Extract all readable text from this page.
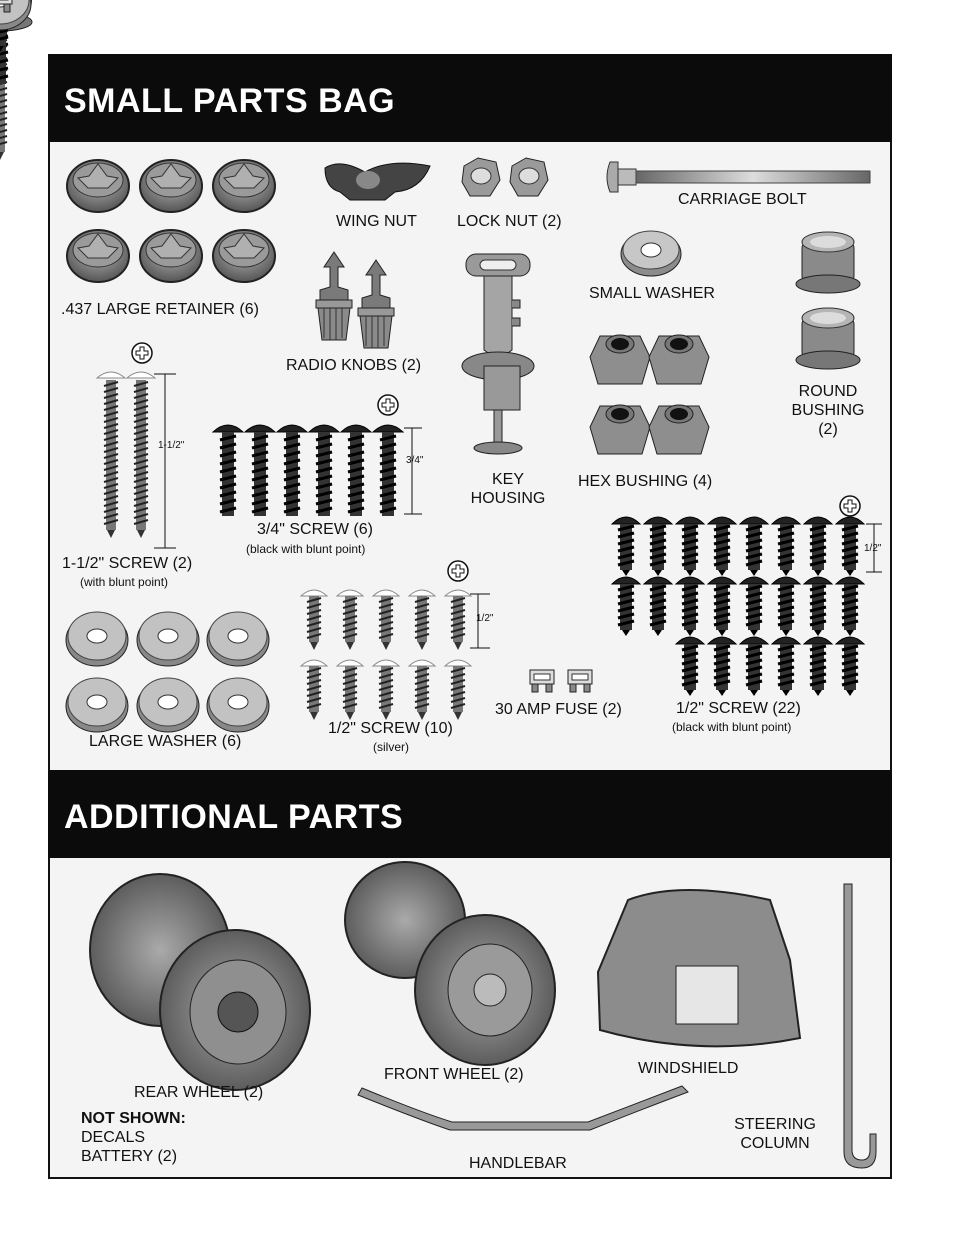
SMALL PARTS BAG
ADDITIONAL PARTS
.437 LARGE RETAINER (6)
WING NUT	LOCK NUT (2)
CARRIAGE BOLT
SMALL WASHER
RADIO KNOBS (2)
ROUND
BUSHING
(2)
KEY
HOUSING
HEX BUSHING (4)
1-1/2" SCREW (2)
(with blunt point)
3/4" SCREW (6)
(black with blunt point)
LARGE WASHER (6)
1/2" SCREW (10)
(silver)
30 AMP FUSE (2)	1/2" SCREW (22)
(black with blunt point)
1-1/2"
3/4"
1/2"
1/2"
REAR WHEEL (2)
FRONT WHEEL (2)	WINDSHIELD
HANDLEBAR
STEERING
COLUMN
NOT SHOWN:
DECALS
BATTERY (2)
